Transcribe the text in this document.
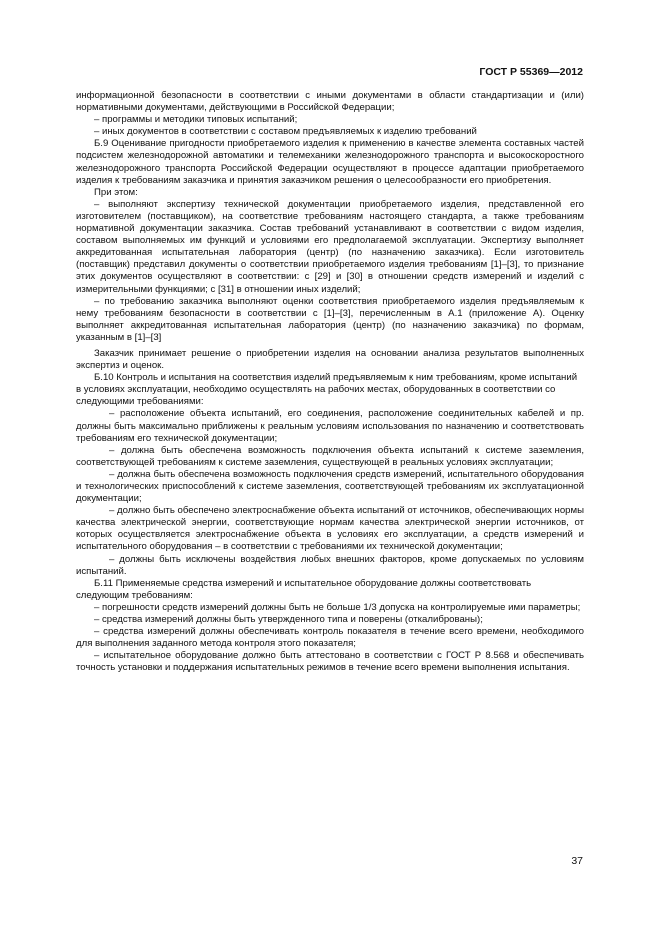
ГОСТ Р 55369—2012

информационной безопасности в соответствии с иными документами в области стандартизации и (или) нормативными документами, действующими в Российской Федерации;

– программы и методики типовых испытаний;

– иных документов в соответствии с составом предъявляемых к изделию требований

Б.9 Оценивание пригодности приобретаемого изделия к применению в качестве элемента составных частей подсистем железнодорожной автоматики и телемеханики железнодорожного транспорта и высокоскоростного железнодорожного транспорта Российской Федерации осуществляют в процессе адаптации приобретаемого изделия к требованиям заказчика и принятия заказчиком решения о целесообразности его приобретения.

При этом:

– выполняют экспертизу технической документации приобретаемого изделия, представленной его изготовителем (поставщиком), на соответствие требованиям настоящего стандарта, а также требованиям нормативной документации заказчика. Состав требований устанавливают в соответствии с видом изделия, составом выполняемых им функций и условиями его предполагаемой эксплуатации. Экспертизу выполняет аккредитованная испытательная лаборатория (центр) (по назначению заказчика). Если изготовитель (поставщик) представил документы о соответствии приобретаемого изделия требованиям [1]–[3], то признание этих документов осуществляют в соответствии: с [29] и [30] в отношении средств измерений и изделий с измерительными функциями; с [31] в отношении иных изделий;

– по требованию заказчика выполняют оценки соответствия приобретаемого изделия предъявляемым к нему требованиям безопасности в соответствии с [1]–[3], перечисленным в А.1 (приложение А). Оценку выполняет аккредитованная испытательная лаборатория (центр) (по назначению заказчика) по формам, указанным в [1]–[3]

Заказчик принимает решение о приобретении изделия на основании анализа результатов выполненных экспертиз и оценок.

Б.10 Контроль и испытания на соответствия изделий предъявляемым к ним требованиям, кроме испытаний в условиях эксплуатации, необходимо осуществлять на рабочих местах, оборудованных в соответствии со следующими требованиями:

– расположение объекта испытаний, его соединения, расположение соединительных кабелей и пр. должны быть максимально приближены к реальным условиям использования по назначению и соответствовать требованиям его технической документации;

– должна быть обеспечена возможность подключения объекта испытаний к системе заземления, соответствующей требованиям к системе заземления, существующей в реальных условиях эксплуатации;

– должна быть обеспечена возможность подключения средств измерений, испытательного оборудования и технологических приспособлений к системе заземления, соответствующей требованиям их эксплуатационной документации;

– должно быть обеспечено электроснабжение объекта испытаний от источников, обеспечивающих нормы качества электрической энергии, соответствующие нормам качества электрической энергии источников, от которых осуществляется электроснабжение объекта в условиях его эксплуатации, а средств измерений и испытательного оборудования – в соответствии с требованиями их технической документации;

– должны быть исключены воздействия любых внешних факторов, кроме допускаемых по условиям испытаний.

Б.11 Применяемые средства измерений и испытательное оборудование должны соответствовать следующим требованиям:

– погрешности средств измерений должны быть не больше 1/3 допуска на контролируемые ими параметры;

– средства измерений должны быть утвержденного типа и поверены (откалиброваны);

– средства измерений должны обеспечивать контроль показателя в течение всего времени, необходимого для выполнения заданного метода контроля этого показателя;

– испытательное оборудование должно быть аттестовано в соответствии с ГОСТ Р 8.568 и обеспечивать точность установки и поддержания испытательных режимов в течение всего времени выполнения испытания.

37
